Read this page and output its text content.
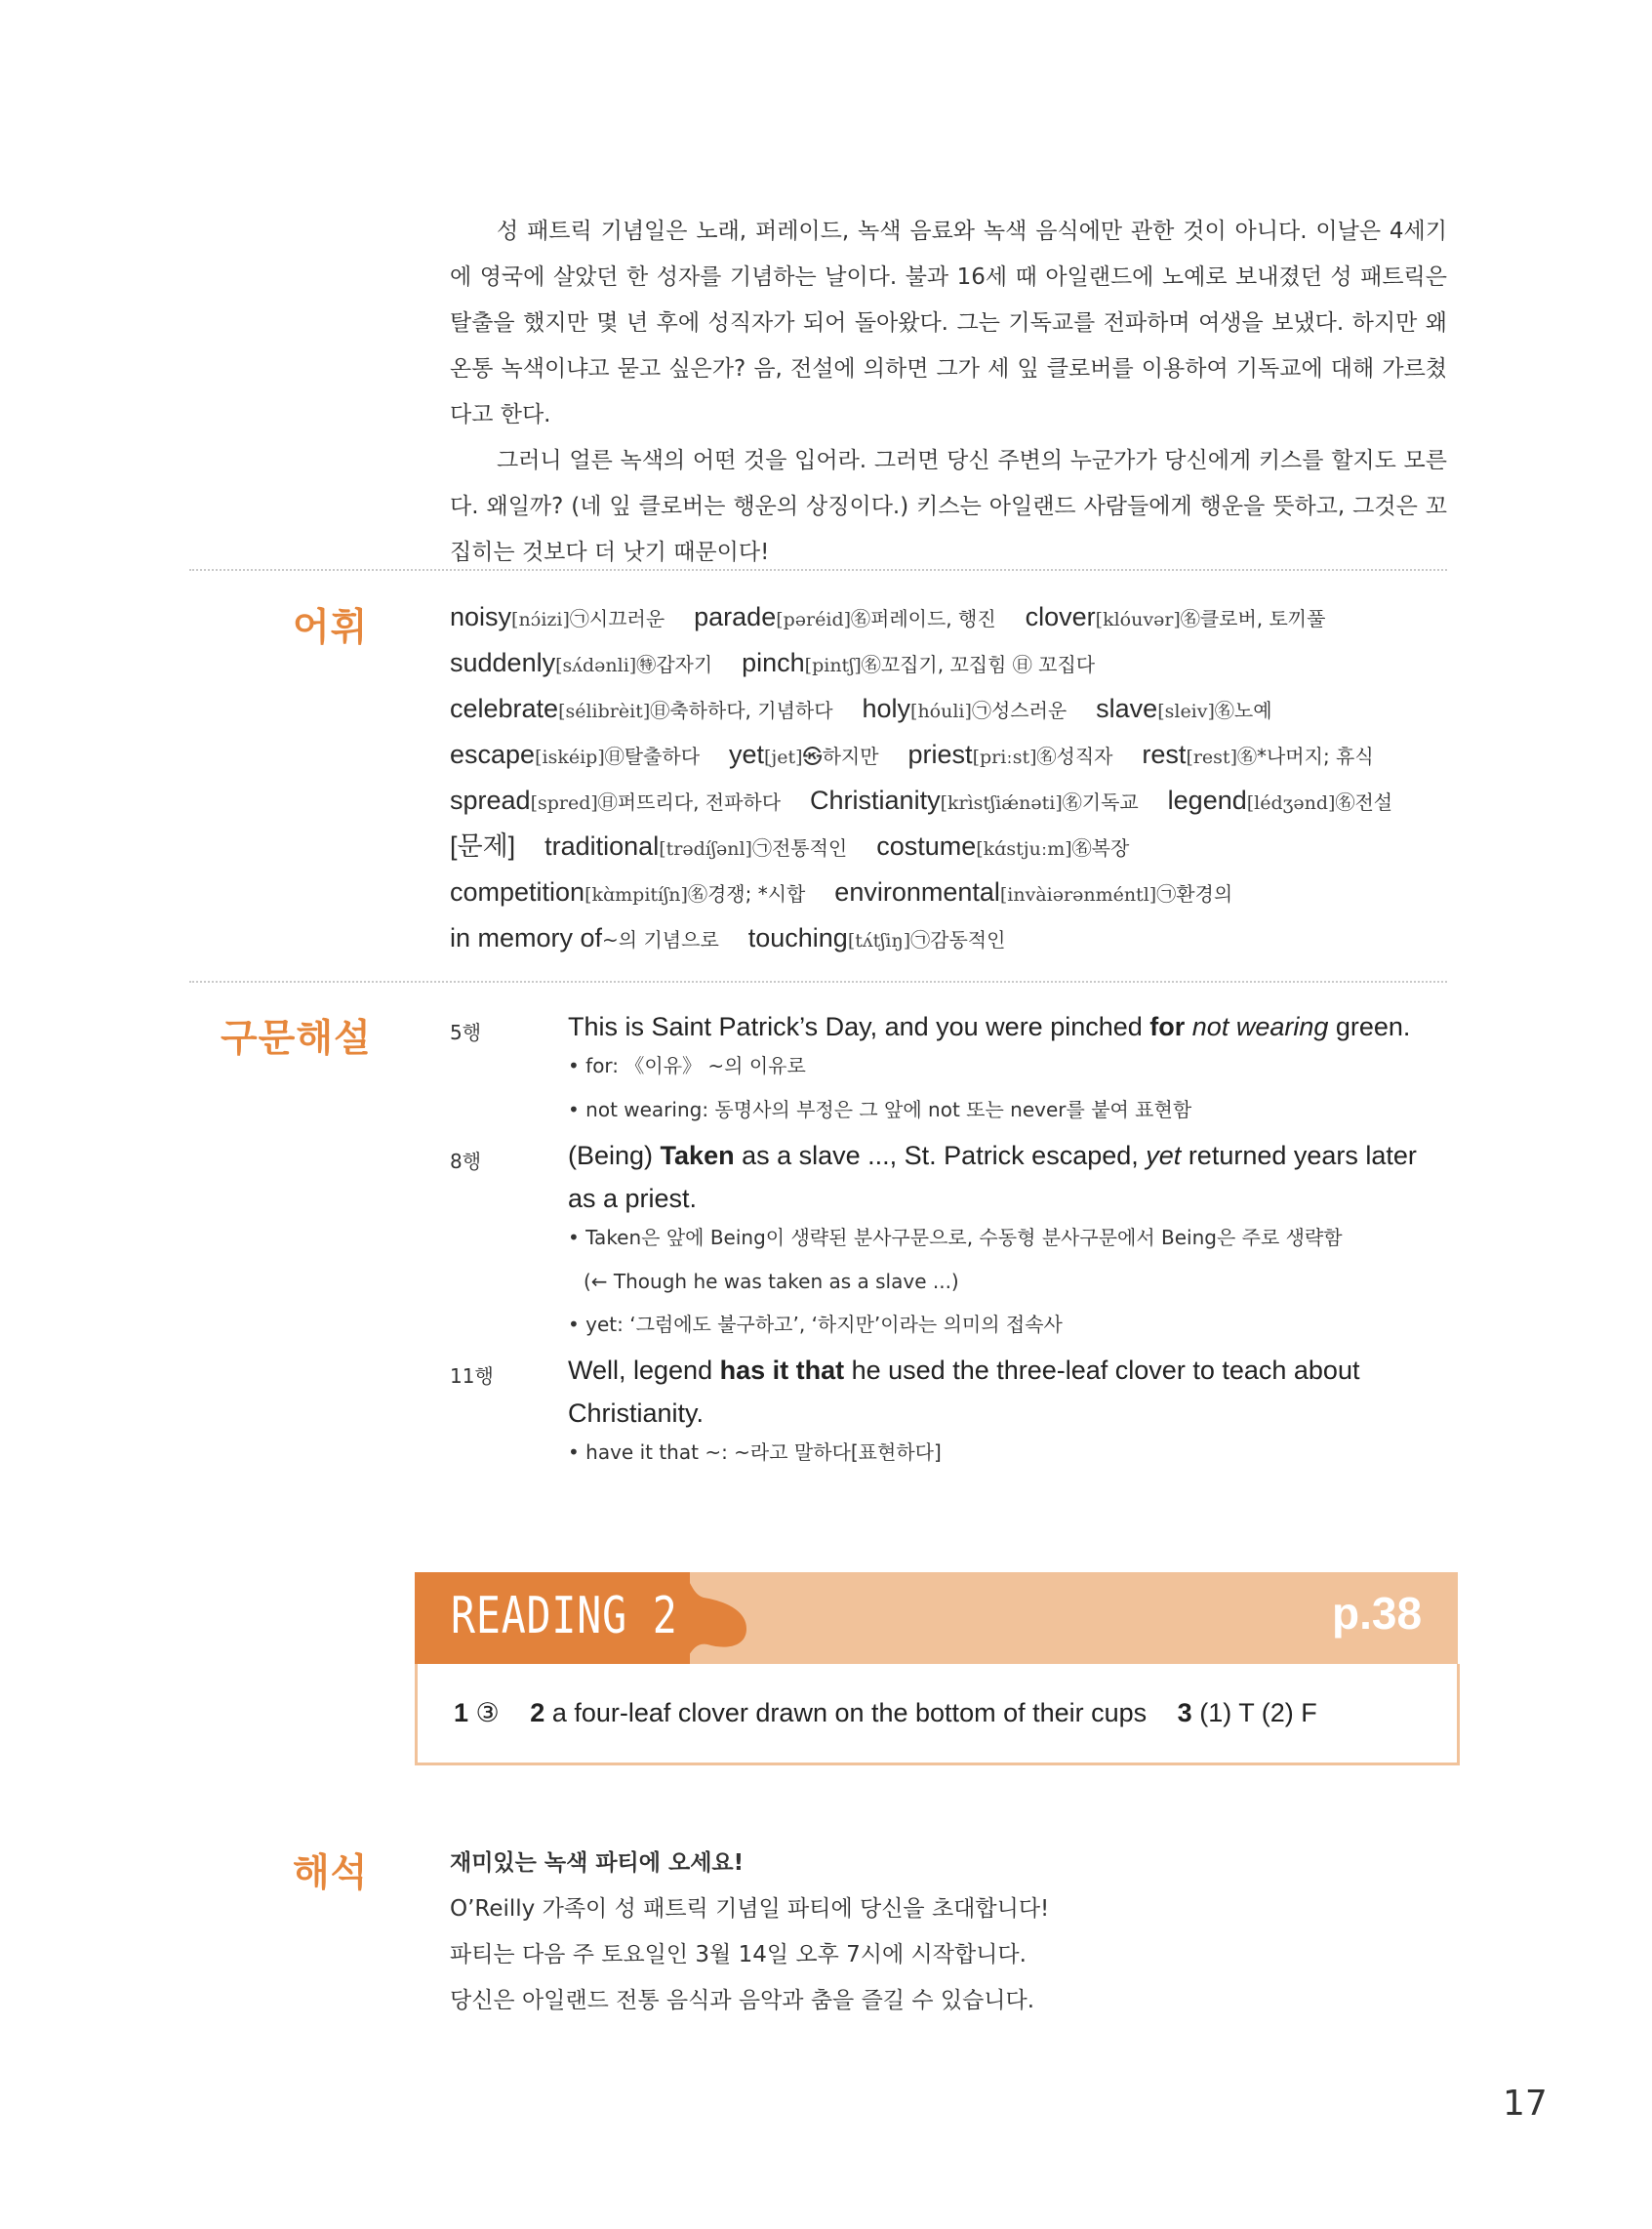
성 패트릭 기념일은 노래, 퍼레이드, 녹색 음료와 녹색 음식에만 관한 것이 아니다. 이날은 4세기에 영국에 살았던 한 성자를 기념하는 날이다. 불과 16세 때 아일랜드에 노예로 보내졌던 성 패트릭은 탈출을 했지만 몇 년 후에 성직자가 되어 돌아왔다. 그는 기독교를 전파하며 여생을 보냈다. 하지만 왜 온통 녹색이냐고 묻고 싶은가? 음, 전설에 의하면 그가 세 잎 클로버를 이용하여 기독교에 대해 가르쳤다고 한다.

그러니 얼른 녹색의 어떤 것을 입어라. 그러면 당신 주변의 누군가가 당신에게 키스를 할지도 모른다. 왜일까? (네 잎 클로버는 행운의 상징이다.) 키스는 아일랜드 사람들에게 행운을 뜻하고, 그것은 꼬집히는 것보다 더 낫기 때문이다!

어휘	noisy[nɔ́izi]㉠시끄러운 parade[pəréid]㊔퍼레이드, 행진 clover[klóuvər]㊔클로버, 토끼풀 suddenly[sʌ́dənli]㊕갑자기 pinch[pintʃ]㊔꼬집기, 꼬집힘 ㊐ 꼬집다 celebrate[sélibrèit]㊐축하하다, 기념하다 holy[hóuli]㉠성스러운 slave[sleiv]㊔노예 escape[iskéip]㊐탈출하다 yet[jet]㉿하지만 priest[priːst]㊔성직자 rest[rest]㊔*나머지; 휴식 spread[spred]㊐퍼뜨리다, 전파하다 Christianity[krìstʃiǽnəti]㊔기독교 legend[lédʒənd]㊔전설 [문제] traditional[trədíʃənl]㉠전통적인 costume[kɑ́stjuːm]㊔복장 competition[kɑ̀mpitíʃn]㊔경쟁; *시합 environmental[invàiərənméntl]㉠환경의 in memory of~의 기념으로 touching[tʌ́tʃiŋ]㉠감동적인
구문해설	5행	This is Saint Patrick’s Day, and you were pinched for not wearing green.
• for: 《이유》 ~의 이유로
• not wearing: 동명사의 부정은 그 앞에 not 또는 never를 붙여 표현함
8행	(Being) Taken as a slave ..., St. Patrick escaped, yet returned years later
as a priest.
• Taken은 앞에 Being이 생략된 분사구문으로, 수동형 분사구문에서 Being은 주로 생략함
(← Though he was taken as a slave ...)
• yet: ‘그럼에도 불구하고’, ‘하지만’이라는 의미의 접속사
11행	Well, legend has it that he used the three-leaf clover to teach about
Christianity.
• have it that ~: ~라고 말하다[표현하다]
READING 2	p.38
1 ③ 2 a four-leaf clover drawn on the bottom of their cups 3 (1) T (2) F
해석	재미있는 녹색 파티에 오세요!
O’Reilly 가족이 성 패트릭 기념일 파티에 당신을 초대합니다!
파티는 다음 주 토요일인 3월 14일 오후 7시에 시작합니다.
당신은 아일랜드 전통 음식과 음악과 춤을 즐길 수 있습니다.
17
